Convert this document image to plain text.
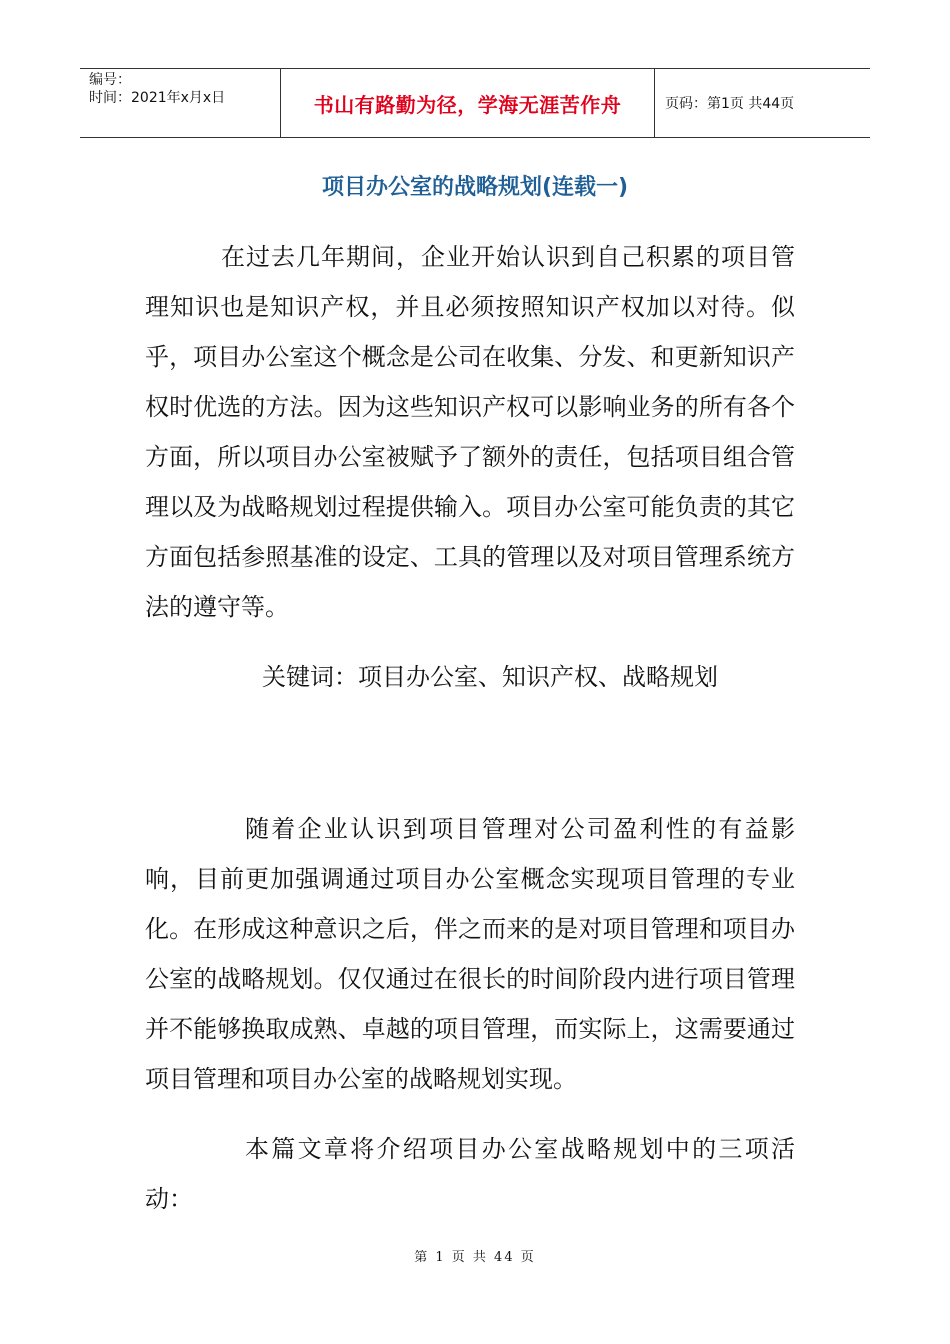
编号：
时间：2021年x月x日	书山有路勤为径，学海无涯苦作舟	页码：第1页 共44页
项目办公室的战略规划(连载一)

在过去几年期间，企业开始认识到自己积累的项目管理知识也是知识产权，并且必须按照知识产权加以对待。似乎，项目办公室这个概念是公司在收集、分发、和更新知识产权时优选的方法。因为这些知识产权可以影响业务的所有各个方面，所以项目办公室被赋予了额外的责任，包括项目组合管理以及为战略规划过程提供输入。项目办公室可能负责的其它方面包括参照基准的设定、工具的管理以及对项目管理系统方法的遵守等。

关键词：项目办公室、知识产权、战略规划

随着企业认识到项目管理对公司盈利性的有益影响，目前更加强调通过项目办公室概念实现项目管理的专业化。在形成这种意识之后，伴之而来的是对项目管理和项目办公室的战略规划。仅仅通过在很长的时间阶段内进行项目管理并不能够换取成熟、卓越的项目管理，而实际上，这需要通过项目管理和项目办公室的战略规划实现。

本篇文章将介绍项目办公室战略规划中的三项活动：

第 1 页 共 44 页
